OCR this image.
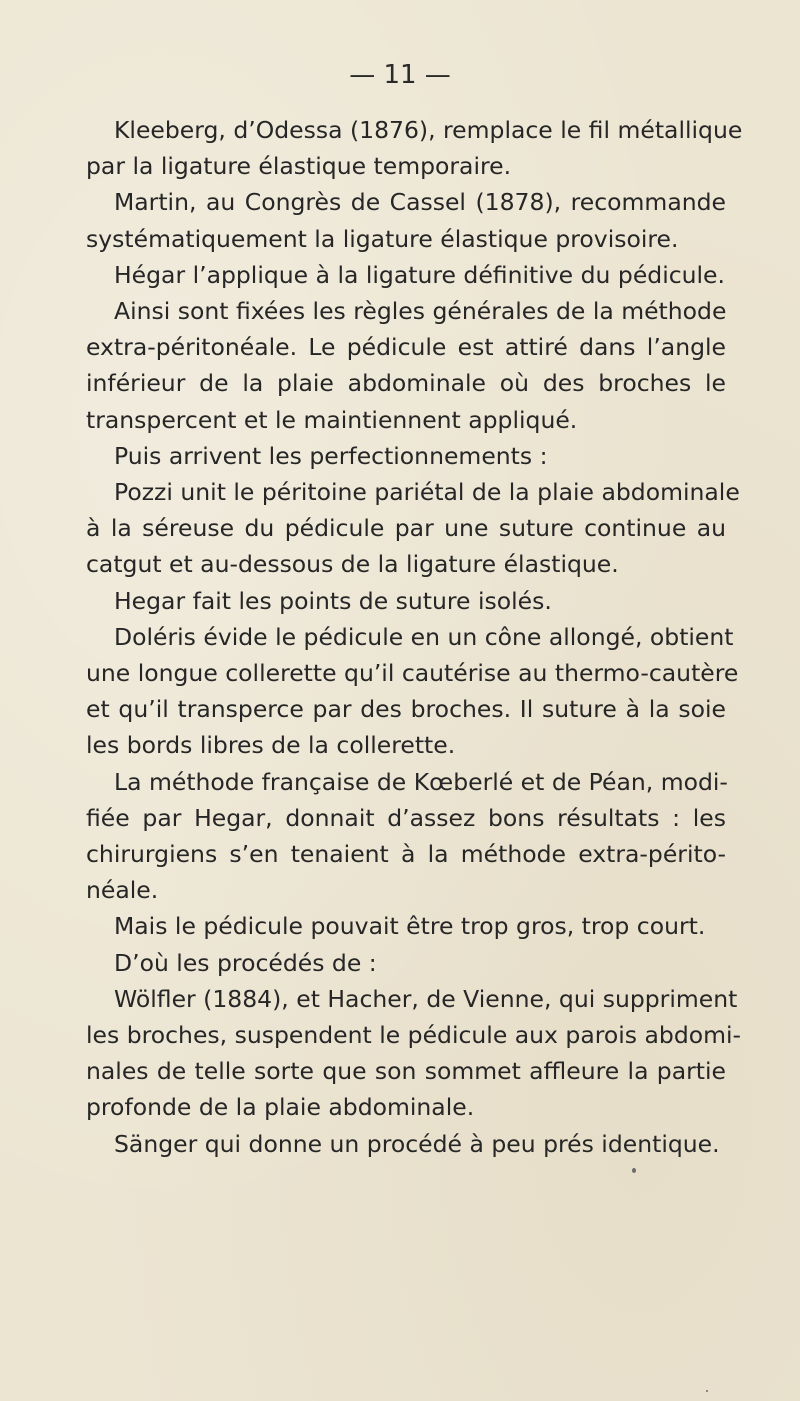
— 11 —

Kleeberg, d’Odessa (1876), remplace le fil métallique
par la ligature élastique temporaire.

Martin, au Congrès de Cassel (1878), recommande
systématiquement la ligature élastique provisoire.

Hégar l’applique à la ligature définitive du pédicule.

Ainsi sont fixées les règles générales de la méthode
extra-péritonéale. Le pédicule est attiré dans l’angle
inférieur de la plaie abdominale où des broches le
transpercent et le maintiennent appliqué.

Puis arrivent les perfectionnements :

Pozzi unit le péritoine pariétal de la plaie abdominale
à la séreuse du pédicule par une suture continue au
catgut et au-dessous de la ligature élastique.

Hegar fait les points de suture isolés.

Doléris évide le pédicule en un cône allongé, obtient
une longue collerette qu’il cautérise au thermo-cautère
et qu’il transperce par des broches. Il suture à la soie
les bords libres de la collerette.

La méthode française de Kœberlé et de Péan, modi-
fiée par Hegar, donnait d’assez bons résultats : les
chirurgiens s’en tenaient à la méthode extra-périto-
néale.

Mais le pédicule pouvait être trop gros, trop court.

D’où les procédés de :

Wölfler (1884), et Hacher, de Vienne, qui suppriment
les broches, suspendent le pédicule aux parois abdomi-
nales de telle sorte que son sommet affleure la partie
profonde de la plaie abdominale.

Sänger qui donne un procédé à peu prés identique.
